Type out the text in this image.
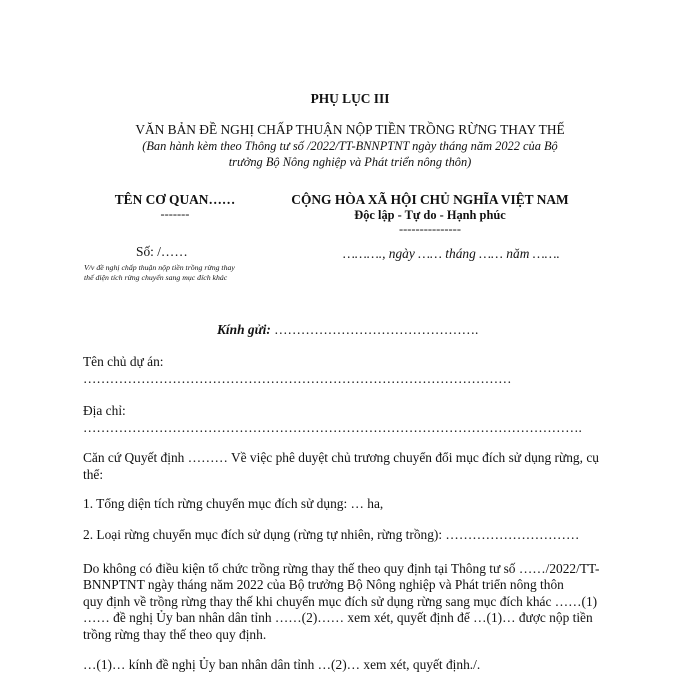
PHỤ LỤC III
VĂN BẢN ĐỀ NGHỊ CHẤP THUẬN NỘP TIỀN TRỒNG RỪNG THAY THẾ
(Ban hành kèm theo Thông tư số /2022/TT-BNNPTNT ngày tháng năm 2022 của Bộ
trưởng Bộ Nông nghiệp và Phát triển nông thôn)
TÊN CƠ QUAN……
-------
Số: /……
V/v đề nghị chấp thuận nộp tiền trồng rừng thay
thế diện tích rừng chuyển sang mục đích khác
CỘNG HÒA XÃ HỘI CHỦ NGHĨA VIỆT NAM
Độc lập - Tự do - Hạnh phúc
---------------
………., ngày …… tháng …… năm …….
Kính gửi: ……………………………………….
Tên chủ dự án:
……………………………………………………………………………………
Địa chỉ:
………………………………………………………………………………………………….
Căn cứ Quyết định ……… Về việc phê duyệt chủ trương chuyển đổi mục đích sử dụng rừng, cụ
thể:
1. Tổng diện tích rừng chuyển mục đích sử dụng: … ha,
2. Loại rừng chuyển mục đích sử dụng (rừng tự nhiên, rừng trồng): …………………………
Do không có điều kiện tổ chức trồng rừng thay thế theo quy định tại Thông tư số ……/2022/TT-
BNNPTNT ngày tháng năm 2022 của Bộ trưởng Bộ Nông nghiệp và Phát triển nông thôn
quy định về trồng rừng thay thế khi chuyển mục đích sử dụng rừng sang mục đích khác ……(1)
…… đề nghị Ủy ban nhân dân tỉnh ……(2)…… xem xét, quyết định để …(1)… được nộp tiền
trồng rừng thay thế theo quy định.
…(1)… kính đề nghị Ủy ban nhân dân tỉnh …(2)… xem xét, quyết định./.
